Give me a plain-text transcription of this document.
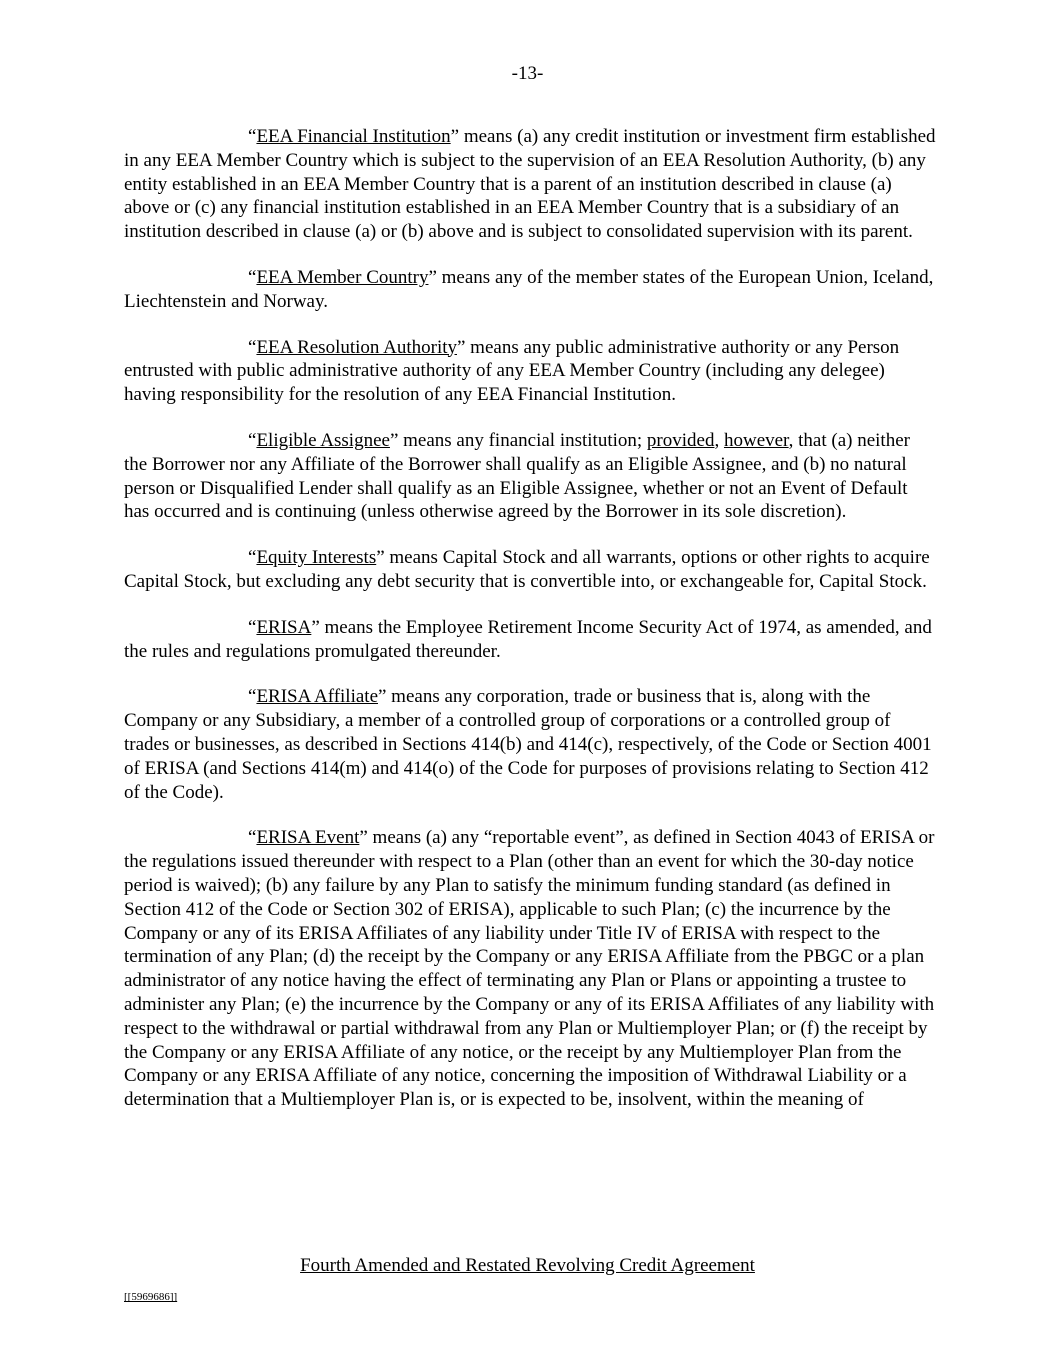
-13-

“EEA Financial Institution” means (a) any credit institution or investment firm established in any EEA Member Country which is subject to the supervision of an EEA Resolution Authority, (b) any entity established in an EEA Member Country that is a parent of an institution described in clause (a) above or (c) any financial institution established in an EEA Member Country that is a subsidiary of an institution described in clause (a) or (b) above and is subject to consolidated supervision with its parent.

“EEA Member Country” means any of the member states of the European Union, Iceland, Liechtenstein and Norway.

“EEA Resolution Authority” means any public administrative authority or any Person entrusted with public administrative authority of any EEA Member Country (including any delegee) having responsibility for the resolution of any EEA Financial Institution.

“Eligible Assignee” means any financial institution; provided, however, that (a) neither the Borrower nor any Affiliate of the Borrower shall qualify as an Eligible Assignee, and (b) no natural person or Disqualified Lender shall qualify as an Eligible Assignee, whether or not an Event of Default has occurred and is continuing (unless otherwise agreed by the Borrower in its sole discretion).

“Equity Interests” means Capital Stock and all warrants, options or other rights to acquire Capital Stock, but excluding any debt security that is convertible into, or exchangeable for, Capital Stock.

“ERISA” means the Employee Retirement Income Security Act of 1974, as amended, and the rules and regulations promulgated thereunder.

“ERISA Affiliate” means any corporation, trade or business that is, along with the Company or any Subsidiary, a member of a controlled group of corporations or a controlled group of trades or businesses, as described in Sections 414(b) and 414(c), respectively, of the Code or Section 4001 of ERISA (and Sections 414(m) and 414(o) of the Code for purposes of provisions relating to Section 412 of the Code).

“ERISA Event” means (a) any “reportable event”, as defined in Section 4043 of ERISA or the regulations issued thereunder with respect to a Plan (other than an event for which the 30-day notice period is waived); (b) any failure by any Plan to satisfy the minimum funding standard (as defined in Section 412 of the Code or Section 302 of ERISA), applicable to such Plan; (c) the incurrence by the Company or any of its ERISA Affiliates of any liability under Title IV of ERISA with respect to the termination of any Plan; (d) the receipt by the Company or any ERISA Affiliate from the PBGC or a plan administrator of any notice having the effect of terminating any Plan or Plans or appointing a trustee to administer any Plan; (e) the incurrence by the Company or any of its ERISA Affiliates of any liability with respect to the withdrawal or partial withdrawal from any Plan or Multiemployer Plan; or (f) the receipt by the Company or any ERISA Affiliate of any notice, or the receipt by any Multiemployer Plan from the Company or any ERISA Affiliate of any notice, concerning the imposition of Withdrawal Liability or a determination that a Multiemployer Plan is, or is expected to be, insolvent, within the meaning of

Fourth Amended and Restated Revolving Credit Agreement
[[5969686]]
